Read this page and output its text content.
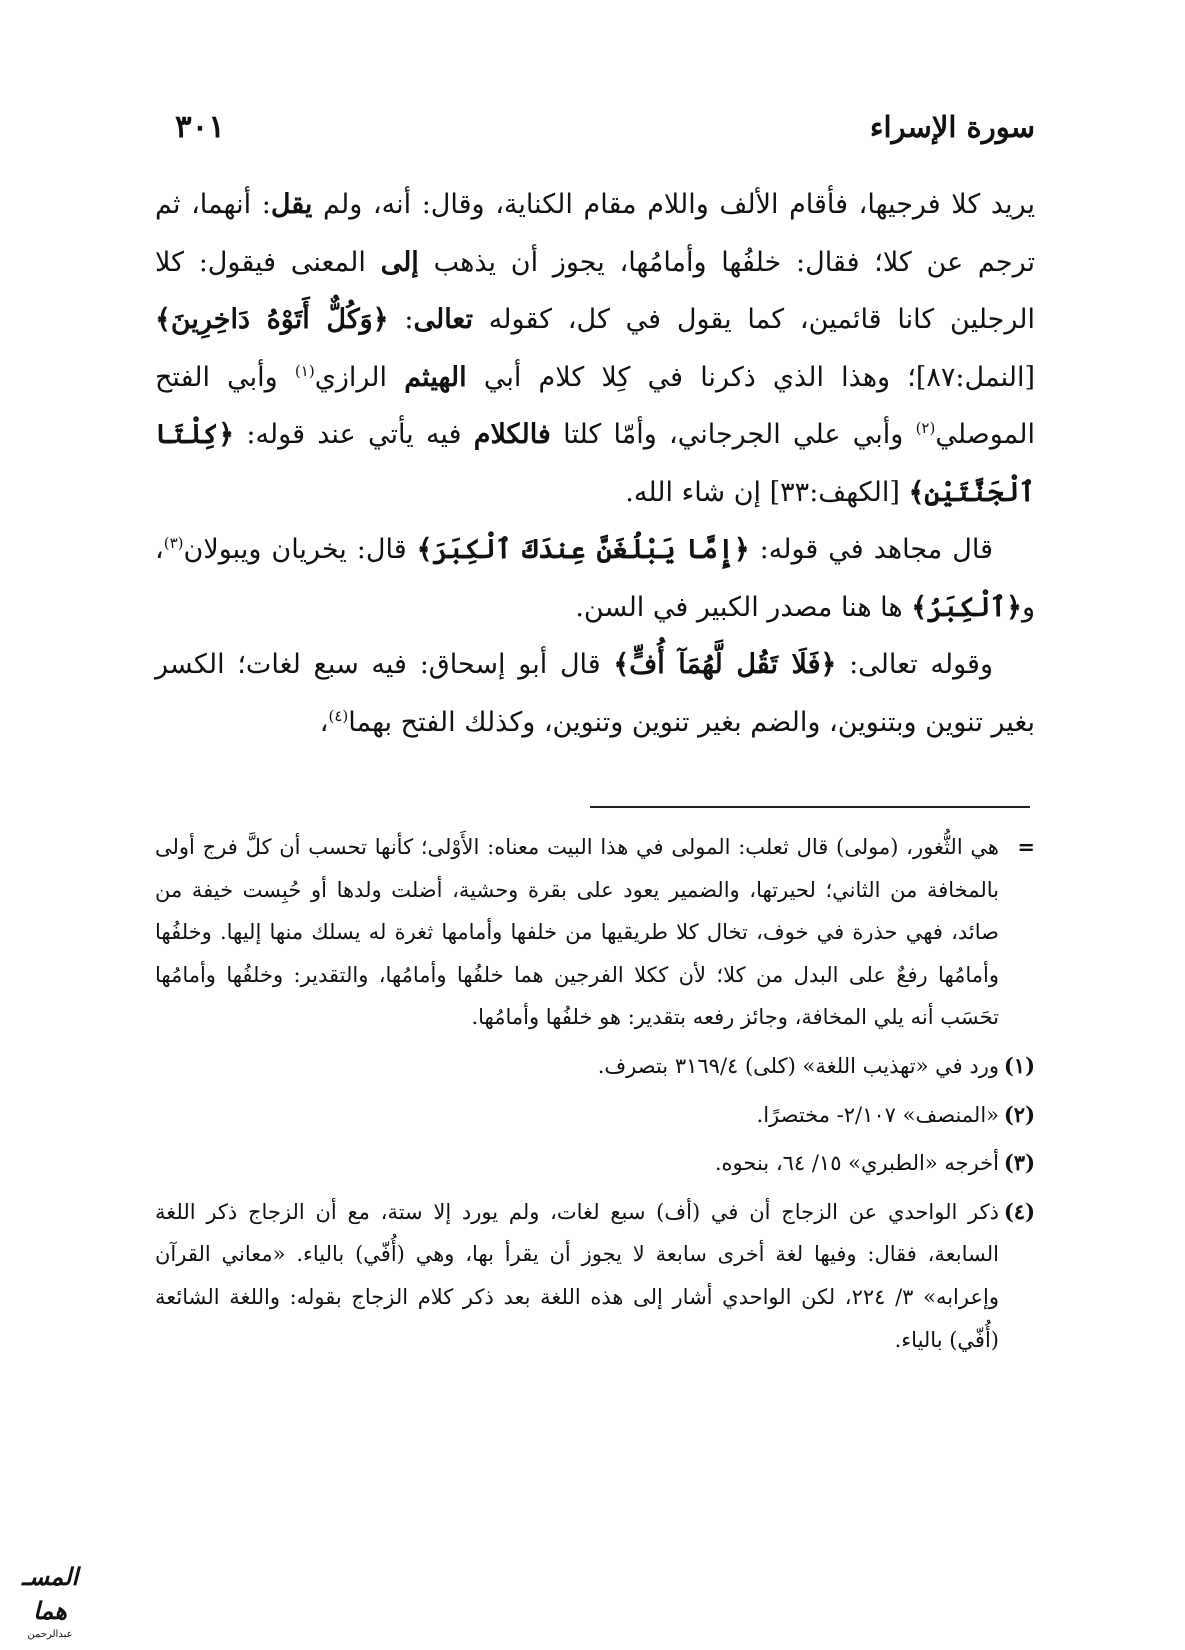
سورة الإسراء
٣٠١

يريد كلا فرجيها، فأقام الألف واللام مقام الكناية، وقال: أنه، ولم يقل: أنهما، ثم ترجم عن كلا؛ فقال: خلفُها وأمامُها، يجوز أن يذهب إلى المعنى فيقول: كلا الرجلين كانا قائمين، كما يقول في كل، كقوله تعالى: ﴿وَكُلٌّ أَتَوْهُ دَاخِرِينَ﴾ [النمل:٨٧]؛ وهذا الذي ذكرنا في كِلا كلام أبي الهيثم الرازي$^{(١)}$ وأبي الفتح الموصلي$^{(٢)}$ وأبي علي الجرجاني، وأمّا كلتا فالكلام فيه يأتي عند قوله: ﴿كِلْتَا ٱلْجَنَّتَيْنِ﴾ [الكهف:٣٣] إن شاء الله.

قال مجاهد في قوله: ﴿إِمَّا يَبْلُغَنَّ عِندَكَ ٱلْكِبَرَ﴾ قال: يخريان ويبولان$^{(٣)}$، و﴿ٱلْكِبَرُ﴾ ها هنا مصدر الكبير في السن.

وقوله تعالى: ﴿فَلَا تَقُل لَّهُمَآ أُفٍّ﴾ قال أبو إسحاق: فيه سبع لغات؛ الكسر بغير تنوين وبتنوين، والضم بغير تنوين وتنوين، وكذلك الفتح بهما$^{(٤)}$،

=
هي الثُّغور، (مولى) قال ثعلب: المولى في هذا البيت معناه: الأَوْلى؛ كأنها تحسب أن كلَّ فرج أولى بالمخافة من الثاني؛ لحيرتها، والضمير يعود على بقرة وحشية، أضلت ولدها أو حُبِست خيفة من صائد، فهي حذرة في خوف، تخال كلا طريقيها من خلفها وأمامها ثغرة له يسلك منها إليها. وخلفُها وأمامُها رفعٌ على البدل من كلا؛ لأن ككلا الفرجين هما خلفُها وأمامُها، والتقدير: وخلفُها وأمامُها تحَسَب أنه يلي المخافة، وجائز رفعه بتقدير: هو خلفُها وأمامُها.
(١)
ورد في «تهذيب اللغة» (كلى) ٣١٦٩/٤ بتصرف.
(٢)
«المنصف» ٢/١٠٧- مختصرًا.
(٣)
أخرجه «الطبري» ١٥/ ٦٤، بنحوه.
(٤)
ذكر الواحدي عن الزجاج أن في (أف) سبع لغات، ولم يورد إلا ستة، مع أن الزجاج ذكر اللغة السابعة، فقال: وفيها لغة أخرى سابعة لا يجوز أن يقرأ بها، وهي (أُفّي) بالياء. «معاني القرآن وإعرابه» ٣/ ٢٢٤، لكن الواحدي أشار إلى هذه اللغة بعد ذكر كلام الزجاج بقوله: واللغة الشائعة (أُفّي) بالياء.
المسـ هما
عبدالرحمن
